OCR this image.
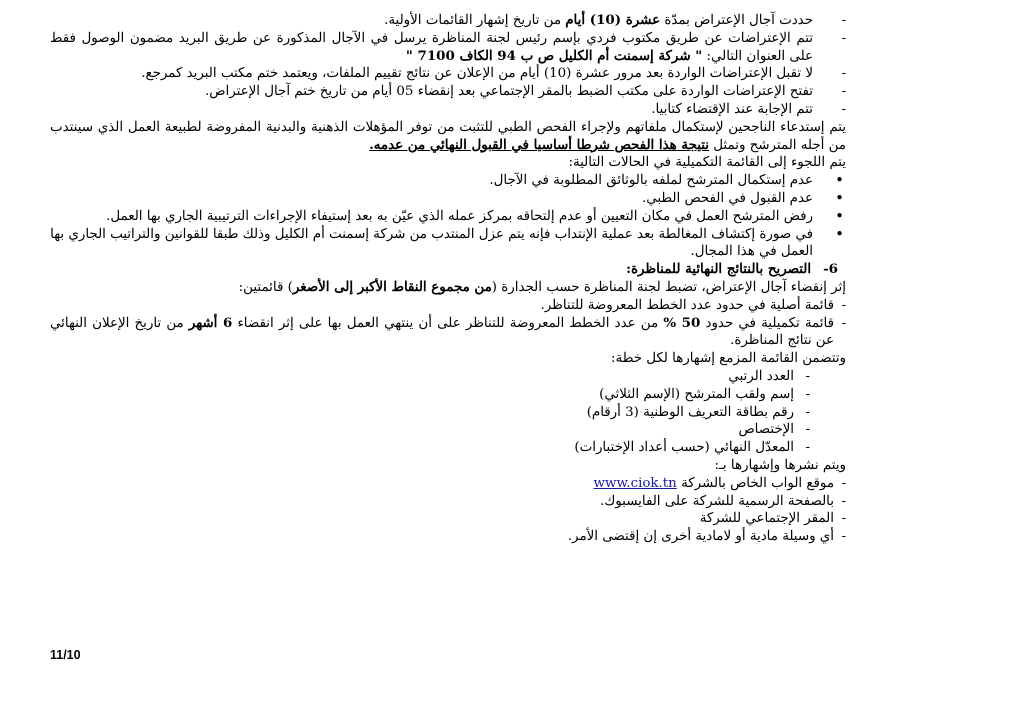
- حددت آجال الإعتراض بمدّة عشرة (10) أيام من تاريخ إشهار القائمات الأولية.
- تتم الإعتراضات عن طريق مكتوب فردي بإسم رئيس لجنة المناظرة يرسل في الآجال المذكورة عن طريق البريد مضمون الوصول فقط على العنوان التالي: " شركة إسمنت أم الكليل ص ب 94 الكاف 7100 "
- لا تقبل الإعتراضات الواردة بعد مرور عشرة (10) أيام من الإعلان عن نتائج تقييم الملفات، ويعتمد ختم مكتب البريد كمرجع.
- تفتح الإعتراضات الواردة على مكتب الضبط بالمقر الإجتماعي بعد إنقضاء 05 أيام من تاريخ ختم آجال الإعتراض.
- تتم الإجابة عند الإقتضاء كتابيا.
يتم إستدعاء الناجحين لإستكمال ملفاتهم ولإجراء الفحص الطبي للتثبت من توفر المؤهلات الذهنية والبدنية المفروضة لطبيعة العمل الذي سينتدب من أجله المترشح وتمثل نتيجة هذا الفحص شرطا أساسيا في القبول النهائي من عدمه.
يتم اللجوء إلى القائمة التكميلية في الحالات التالية:
• عدم إستكمال المترشح لملفه بالوثائق المطلوبة في الآجال.
• عدم القبول في الفحص الطبي.
• رفض المترشح العمل في مكان التعيين أو عدم إلتحاقه بمركز عمله الذي عيّن به بعد إستيفاء الإجراءات الترتيبية الجاري بها العمل.
• في صورة إكتشاف المغالطة بعد عملية الإنتداب فإنه يتم عزل المنتدب من شركة إسمنت أم الكليل وذلك طبقا للقوانين والتراتيب الجاري بها العمل في هذا المجال.
6-التصريح بالنتائج النهائية للمناظرة:
إثر إنقضاء آجال الإعتراض، تضبط لجنة المناظرة حسب الجدارة (من مجموع النقاط الأكبر إلى الأصغر) قائمتين:
- قائمة أصلية في حدود عدد الخطط المعروضة للتناظر.
- قائمة تكميلية في حدود 50 % من عدد الخطط المعروضة للتناظر على أن ينتهي العمل بها على إثر انقضاء 6 أشهر من تاريخ الإعلان النهائي عن نتائج المناظرة.
وتتضمن القائمة المزمع إشهارها لكل خطة:
- العدد الرتبي
- إسم ولقب المترشح (الإسم الثلاثي)
- رقم بطاقة التعريف الوطنية (3 أرقام)
- الإختصاص
- المعدّل النهائي (حسب أعداد الإختبارات)
ويتم نشرها وإشهارها بـ:
- موقع الواب الخاص بالشركة www.ciok.tn
- بالصفحة الرسمية للشركة على الفايسبوك.
- المقر الإجتماعي للشركة
- أي وسيلة مادية أو لامادية أخرى إن إقتضى الأمر.
11/10
